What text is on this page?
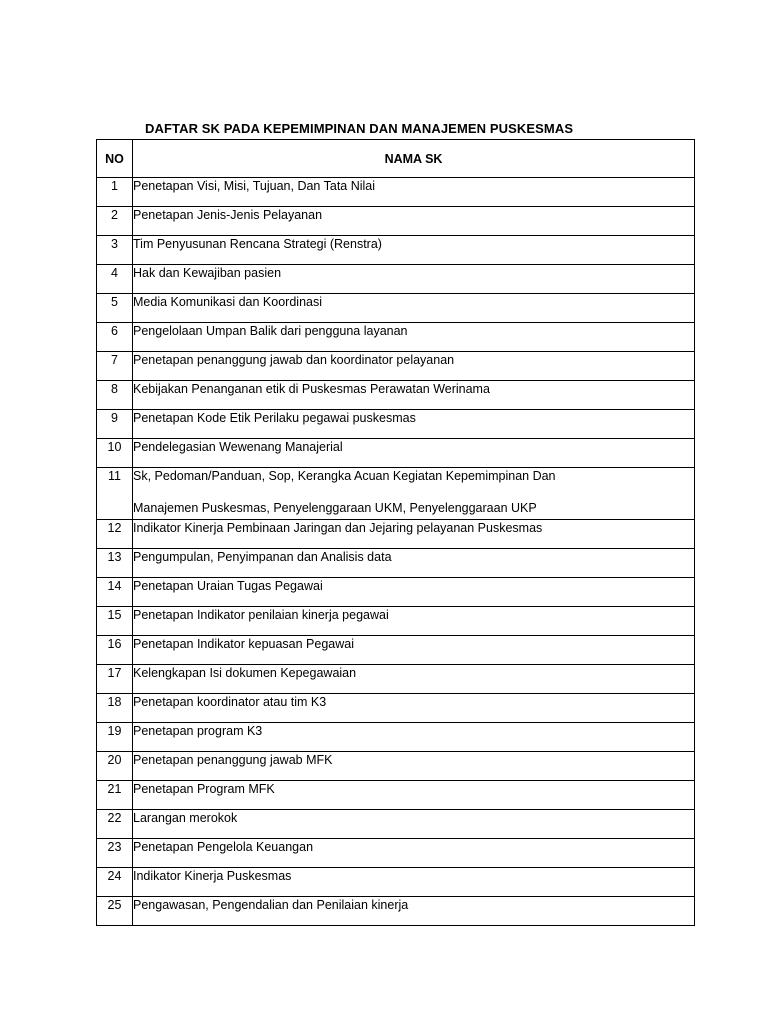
DAFTAR SK PADA KEPEMIMPINAN DAN MANAJEMEN PUSKESMAS
NO	NAMA SK
1	Penetapan Visi, Misi, Tujuan, Dan Tata Nilai
2	Penetapan Jenis-Jenis Pelayanan
3	Tim Penyusunan Rencana Strategi (Renstra)
4	Hak dan Kewajiban pasien
5	Media Komunikasi dan Koordinasi
6	Pengelolaan Umpan Balik dari pengguna layanan
7	Penetapan penanggung jawab dan koordinator pelayanan
8	Kebijakan Penanganan etik di Puskesmas Perawatan Werinama
9	Penetapan Kode Etik Perilaku pegawai puskesmas
10	Pendelegasian Wewenang Manajerial
11	Sk, Pedoman/Panduan, Sop, Kerangka Acuan Kegiatan Kepemimpinan Dan
Manajemen Puskesmas, Penyelenggaraan UKM, Penyelenggaraan UKP

12	Indikator Kinerja Pembinaan Jaringan dan Jejaring pelayanan Puskesmas
13	Pengumpulan, Penyimpanan dan Analisis data
14	Penetapan Uraian Tugas Pegawai
15	Penetapan Indikator penilaian kinerja pegawai
16	Penetapan Indikator kepuasan Pegawai
17	Kelengkapan Isi dokumen Kepegawaian
18	Penetapan koordinator atau tim K3
19	Penetapan program K3
20	Penetapan penanggung jawab MFK
21	Penetapan Program MFK
22	Larangan merokok
23	Penetapan Pengelola Keuangan
24	Indikator Kinerja Puskesmas
25	Pengawasan, Pengendalian dan Penilaian kinerja
